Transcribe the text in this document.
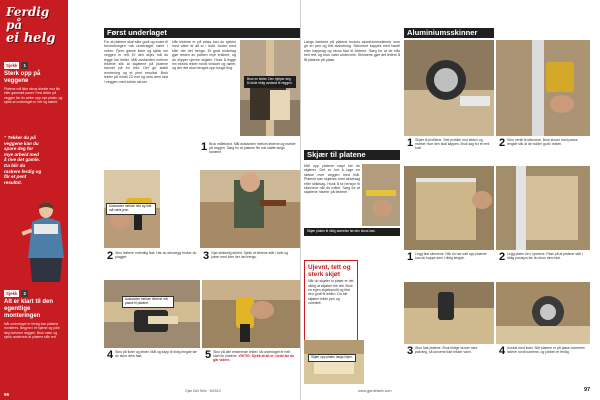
Ferdig på
ei helg
Sjekk	1
Sterk opp på veggene
Platene må ikke skrus direkte mot flis eller gammelt panel. Fest lekter på veggen før du setter opp nye plater, og sjekk at underlaget er rett og stabilt.
“ Tekker du på veggene kan du spare deg for mye arbeid med å rive det gamle. Da blir du raskere ferdig og får et pent resultat.
Sjekk	2
Alt er klart til den egentlige monteringen
Når underlaget er ferdig kan platene monteres. Begynn i et hjørne og jobb deg bortover veggen. Bruk vater og sjekk underveis at platene står rett.
96
Først underlaget
For at platene skal sitte godt og svare til forventningen må underlaget være i orden. Fjern gamle lister og sjekk om veggen er rett. Er den skjev må du legge inn lekter. Mål avstanden mellom lektene slik at skjøtene på platene havner på en lekt. Det gir stabil montering og et pent resultat. Bruk lekter på minst 23 mm og skru dem fast i veggen med solide skruer.
Når lektene er på plass kan du sjekke med vater at alt er i lodd. Juster med kiler der det trengs. Et godt underlag gjør resten av jobben mye enklere, og du slipper ujevne skjøter. Husk å legge inn ekstra lekter rundt vinduer og dører, og der det skal henges opp tunge ting.
Bruk en lekter. Den hjelper deg å holde riktig avstand til veggen.
1 Bruk måleband. Mål avstanden mellom lektene og marker på veggen. Sørg for at platene får nok støtte langs kantene.
Avstanden mellom lekt og lekt må være jevn.
2 Skru lektene ordentlig fast. Har du stenvegg bruker du plugger.	3 Gjør skikkelig arbeid. Sjekk at lektene står i lodd og juster med kiler der det trengs.
Avstanden mellom lektene må passe til platene.
4 Skru på lister og lekter. Mål og kapp til riktig lengde før du skrur dem fast.	5 Skru på alle resterende lekter, så underlaget er helt klart for platene. VIKTIG: Sjekk at alt er i lodd før du går videre.
Gjør Det Selv · 6/2010
Langs kantene på platene brukes aluminiumsskinner som gir en pen og tett avslutning. Skinnene kappes med baufil eller kappsag og skrus fast til lektene. Sørg for at de står helt rett, og bruk vater underveis. Skinnene gjør det lettere å få platene på plass.
Aluminiumsskinner
1 Skjær til profilene. Sett profilen mot lekten og marker hvor den skal kappes. Bruk sag for et rent kutt.	2 Skru ventil til skinnene. Bruk skruer med passe lengde slik at de holder godt i lekten.
Skjær til platene
Mål opp platene nøye før du skjærer. Det er lurt å lage en skisse over veggen med mål. Platene kan skjæres med sirkelsag eller stikksag. Husk å ta hensyn til skinnene når du måler. Sørg for at skjøtene havner på lektene.
Skjær platen til riktig størrelse før den skrus fast.
Ujevnt, tett og sterk skjøt
Når du skjøter to plater er det viktig at skjøten blir tett. Bruk en egen skjøteprofil og fest den godt til lekten. Da blir skjøten både pen og vanntett.
Skjær opp platen langs linjen.
1 Legg fast skinnene. Når du har satt opp platene kan du kappe dem i riktig lengde.	2 Legg plater inn i sporene. Pass på at platene står i riktig posisjon før du skrur dem fast.
3 Skru fast platene. Bruk riktige skruer med pakning, så skruene ikke lekker vann.	4 Avslutt med lister. Når platene er på plass monteres listene rundt kantene, og jobben er ferdig.
www.gjordetselv.com	97
